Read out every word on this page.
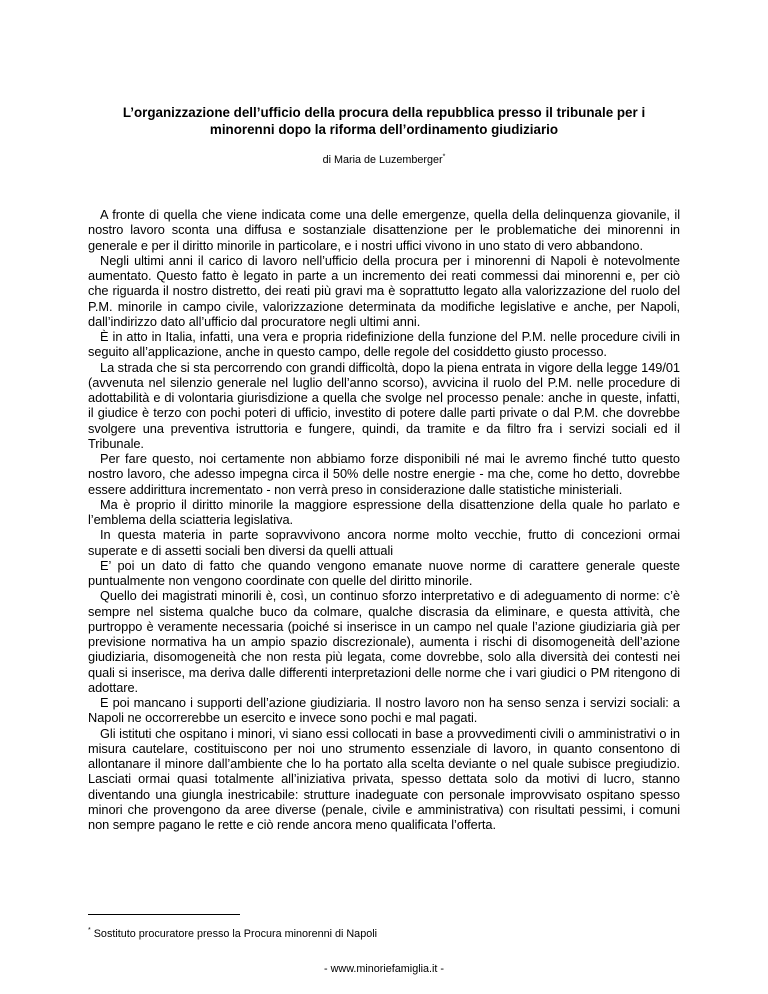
L’organizzazione dell’ufficio della procura della repubblica presso il tribunale per i minorenni dopo la riforma dell’ordinamento giudiziario
di Maria de Luzemberger*

A fronte di quella che viene indicata come una delle emergenze, quella della delinquenza giovanile, il nostro lavoro sconta una diffusa e sostanziale disattenzione per le problematiche dei minorenni in generale e per il diritto minorile in particolare, e i nostri uffici vivono in uno stato di vero abbandono.

Negli ultimi anni il carico di lavoro nell’ufficio della procura per i minorenni di Napoli è notevolmente aumentato. Questo fatto è legato in parte a un incremento dei reati commessi dai minorenni e, per ciò che riguarda il nostro distretto, dei reati più gravi ma è soprattutto legato alla valorizzazione del ruolo del P.M. minorile in campo civile, valorizzazione determinata da modifiche legislative e anche, per Napoli, dall’indirizzo dato all’ufficio dal procuratore negli ultimi anni.

È in atto in Italia, infatti, una vera e propria ridefinizione della funzione del P.M. nelle procedure civili in seguito all’applicazione, anche in questo campo, delle regole del cosiddetto giusto processo.

La strada che si sta percorrendo con grandi difficoltà, dopo la piena entrata in vigore della legge 149/01 (avvenuta nel silenzio generale nel luglio dell’anno scorso), avvicina il ruolo del P.M. nelle procedure di adottabilità e di volontaria giurisdizione a quella che svolge nel processo penale: anche in queste, infatti, il giudice è terzo con pochi poteri di ufficio, investito di potere dalle parti private o dal P.M. che dovrebbe svolgere una preventiva istruttoria e fungere, quindi, da tramite e da filtro fra i servizi sociali ed il Tribunale.

Per fare questo, noi certamente non abbiamo forze disponibili né mai le avremo finché tutto questo nostro lavoro, che adesso impegna circa il 50% delle nostre energie - ma che, come ho detto, dovrebbe essere addirittura incrementato - non verrà preso in considerazione dalle statistiche ministeriali.

Ma è proprio il diritto minorile la maggiore espressione della disattenzione della quale ho parlato e l’emblema della sciatteria legislativa.

In questa materia in parte sopravvivono ancora norme molto vecchie, frutto di concezioni ormai superate e di assetti sociali ben diversi da quelli attuali

E’ poi un dato di fatto che quando vengono emanate nuove norme di carattere generale queste puntualmente non vengono coordinate con quelle del diritto minorile.

Quello dei magistrati minorili è, così, un continuo sforzo interpretativo e di adeguamento di norme: c’è sempre nel sistema qualche buco da colmare, qualche discrasia da eliminare, e questa attività, che purtroppo è veramente necessaria (poiché si inserisce in un campo nel quale l’azione giudiziaria già per previsione normativa ha un ampio spazio discrezionale), aumenta i rischi di disomogeneità dell’azione giudiziaria, disomogeneità che non resta più legata, come dovrebbe, solo alla diversità dei contesti nei quali si inserisce, ma deriva dalle differenti interpretazioni delle norme che i vari giudici o PM ritengono di adottare.

E poi mancano i supporti dell’azione giudiziaria. Il nostro lavoro non ha senso senza i servizi sociali: a Napoli ne occorrerebbe un esercito e invece sono pochi e mal pagati.

Gli istituti che ospitano i minori, vi siano essi collocati in base a provvedimenti civili o amministrativi o in misura cautelare, costituiscono per noi uno strumento essenziale di lavoro, in quanto consentono di allontanare il minore dall’ambiente che lo ha portato alla scelta deviante o nel quale subisce pregiudizio. Lasciati ormai quasi totalmente all’iniziativa privata, spesso dettata solo da motivi di lucro, stanno diventando una giungla inestricabile: strutture inadeguate con personale improvvisato ospitano spesso minori che provengono da aree diverse (penale, civile e amministrativa) con risultati pessimi, i comuni non sempre pagano le rette e ciò rende ancora meno qualificata l’offerta.

* Sostituto procuratore presso la Procura minorenni di Napoli
- www.minoriefamiglia.it -
